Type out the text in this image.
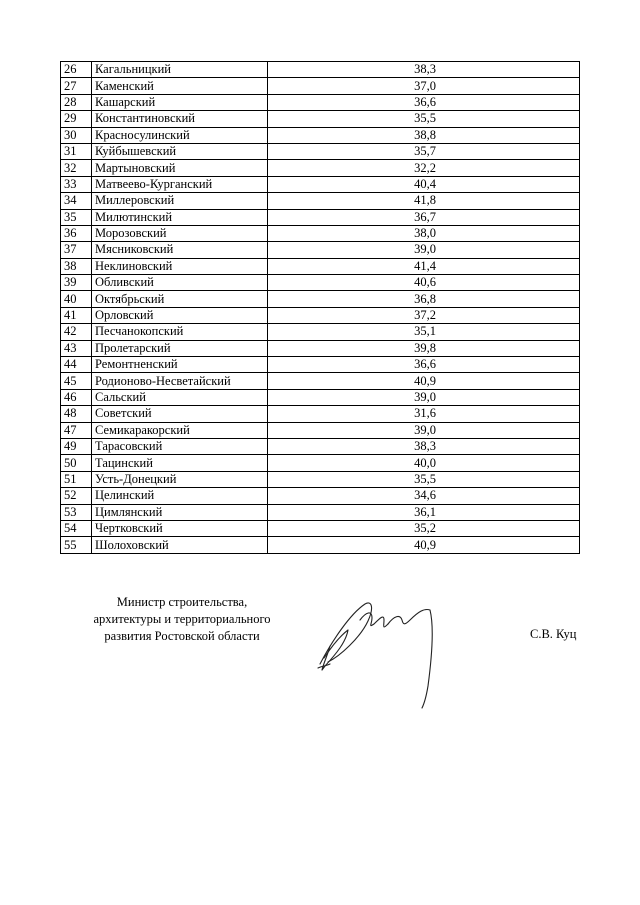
26	Кагальницкий	38,3
27	Каменский	37,0
28	Кашарский	36,6
29	Константиновский	35,5
30	Красносулинский	38,8
31	Куйбышевский	35,7
32	Мартыновский	32,2
33	Матвеево-Курганский	40,4
34	Миллеровский	41,8
35	Милютинский	36,7
36	Морозовский	38,0
37	Мясниковский	39,0
38	Неклиновский	41,4
39	Обливский	40,6
40	Октябрьский	36,8
41	Орловский	37,2
42	Песчанокопский	35,1
43	Пролетарский	39,8
44	Ремонтненский	36,6
45	Родионово-Несветайский	40,9
46	Сальский	39,0
48	Советский	31,6
47	Семикаракорский	39,0
49	Тарасовский	38,3
50	Тацинский	40,0
51	Усть-Донецкий	35,5
52	Целинский	34,6
53	Цимлянский	36,1
54	Чертковский	35,2
55	Шолоховский	40,9
Министр строительства,
архитектуры и территориального
развития Ростовской области	С.В. Куц
